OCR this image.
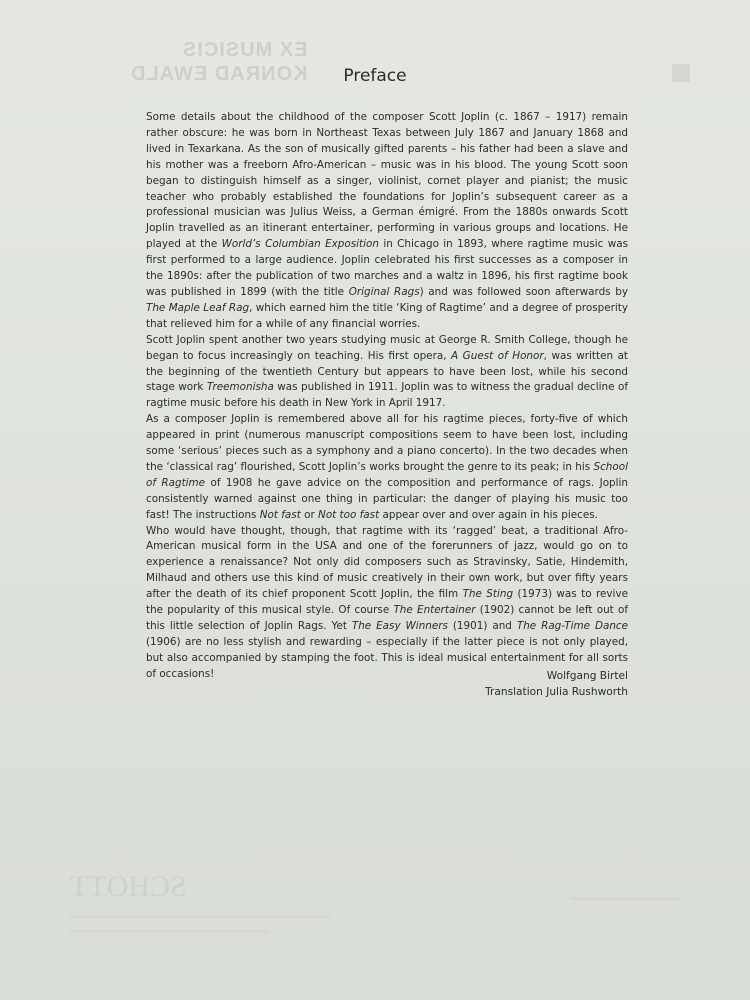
EX MUSICIS
KONRAD EWALD
SCHOTT
Preface

Some details about the childhood of the composer Scott Joplin (c. 1867 – 1917) remain rather obscure: he was born in Northeast Texas between July 1867 and January 1868 and lived in Texarkana. As the son of musically gifted parents – his father had been a slave and his mother was a freeborn Afro-American – music was in his blood. The young Scott soon began to distinguish himself as a singer, violinist, cornet player and pianist; the music teacher who probably established the foundations for Joplin’s subsequent career as a professional musician was Julius Weiss, a German émigré. From the 1880s onwards Scott Joplin travelled as an itinerant entertainer, performing in various groups and locations. He played at the World’s Columbian Exposition in Chicago in 1893, where ragtime music was first performed to a large audience. Joplin celebrated his first successes as a composer in the 1890s: after the publication of two marches and a waltz in 1896, his first ragtime book was published in 1899 (with the title Original Rags) and was followed soon afterwards by The Maple Leaf Rag, which earned him the title ‘King of Ragtime’ and a degree of prosperity that relieved him for a while of any financial worries.

Scott Joplin spent another two years studying music at George R. Smith College, though he began to focus increasingly on teaching. His first opera, A Guest of Honor, was written at the beginning of the twentieth Century but appears to have been lost, while his second stage work Treemonisha was published in 1911. Joplin was to witness the gradual decline of ragtime music before his death in New York in April 1917.

As a composer Joplin is remembered above all for his ragtime pieces, forty-five of which appeared in print (numerous manuscript compositions seem to have been lost, including some ‘serious’ pieces such as a symphony and a piano concerto). In the two decades when the ‘classical rag’ flourished, Scott Joplin’s works brought the genre to its peak; in his School of Ragtime of 1908 he gave advice on the composition and performance of rags. Joplin consistently warned against one thing in particular: the danger of playing his music too fast! The instructions Not fast or Not too fast appear over and over again in his pieces.

Who would have thought, though, that ragtime with its ‘ragged’ beat, a traditional Afro-American musical form in the USA and one of the forerunners of jazz, would go on to experience a renaissance? Not only did composers such as Stravinsky, Satie, Hindemith, Milhaud and others use this kind of music creatively in their own work, but over fifty years after the death of its chief proponent Scott Joplin, the film The Sting (1973) was to revive the popularity of this musical style. Of course The Entertainer (1902) cannot be left out of this little selection of Joplin Rags. Yet The Easy Winners (1901) and The Rag-Time Dance (1906) are no less stylish and rewarding – especially if the latter piece is not only played, but also accompanied by stamping the foot. This is ideal musical entertainment for all sorts of occasions!	Wolfgang Birtel
Translation Julia Rushworth
